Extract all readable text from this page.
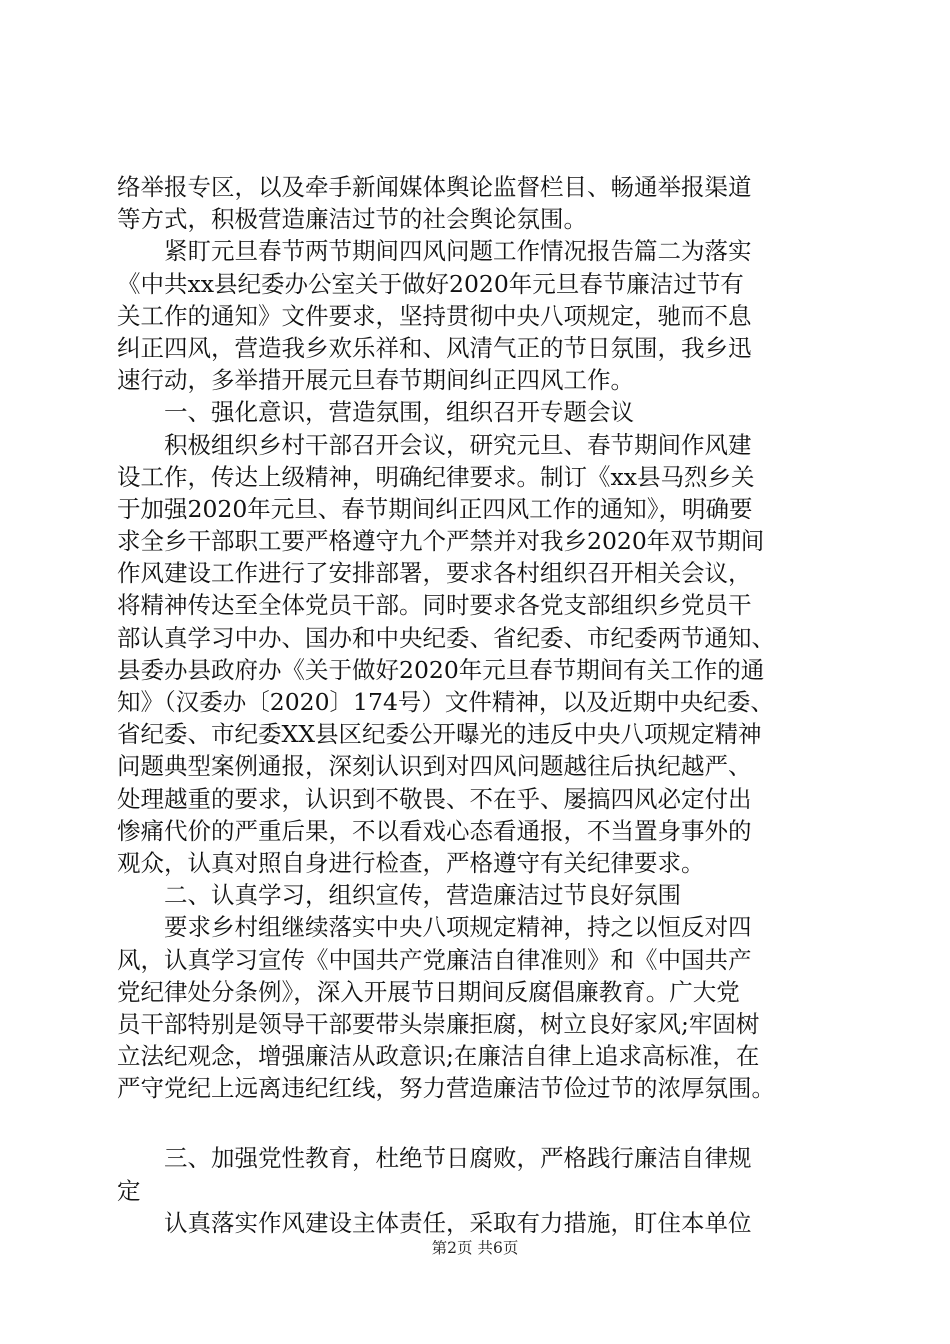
络举报专区，以及牵手新闻媒体舆论监督栏目、畅通举报渠道
等方式，积极营造廉洁过节的社会舆论氛围。
紧盯元旦春节两节期间四风问题工作情况报告篇二为落实
《中共xx县纪委办公室关于做好2020年元旦春节廉洁过节有
关工作的通知》文件要求，坚持贯彻中央八项规定，驰而不息
纠正四风，营造我乡欢乐祥和、风清气正的节日氛围，我乡迅
速行动，多举措开展元旦春节期间纠正四风工作。
一、强化意识，营造氛围，组织召开专题会议
积极组织乡村干部召开会议，研究元旦、春节期间作风建
设工作，传达上级精神，明确纪律要求。制订《xx县马烈乡关
于加强2020年元旦、春节期间纠正四风工作的通知》，明确要
求全乡干部职工要严格遵守九个严禁并对我乡2020年双节期间
作风建设工作进行了安排部署，要求各村组织召开相关会议，
将精神传达至全体党员干部。同时要求各党支部组织乡党员干
部认真学习中办、国办和中央纪委、省纪委、市纪委两节通知、
县委办县政府办《关于做好2020年元旦春节期间有关工作的通
知》（汉委办〔2020〕174号）文件精神，以及近期中央纪委、
省纪委、市纪委XX县区纪委公开曝光的违反中央八项规定精神
问题典型案例通报，深刻认识到对四风问题越往后执纪越严、
处理越重的要求，认识到不敬畏、不在乎、屡搞四风必定付出
惨痛代价的严重后果，不以看戏心态看通报，不当置身事外的
观众，认真对照自身进行检查，严格遵守有关纪律要求。
二、认真学习，组织宣传，营造廉洁过节良好氛围
要求乡村组继续落实中央八项规定精神，持之以恒反对四
风，认真学习宣传《中国共产党廉洁自律准则》和《中国共产
党纪律处分条例》，深入开展节日期间反腐倡廉教育。广大党
员干部特别是领导干部要带头崇廉拒腐，树立良好家风;牢固树
立法纪观念，增强廉洁从政意识;在廉洁自律上追求高标准，在
严守党纪上远离违纪红线，努力营造廉洁节俭过节的浓厚氛围。
三、加强党性教育，杜绝节日腐败，严格践行廉洁自律规
定
认真落实作风建设主体责任，采取有力措施，盯住本单位
第2页 共6页
